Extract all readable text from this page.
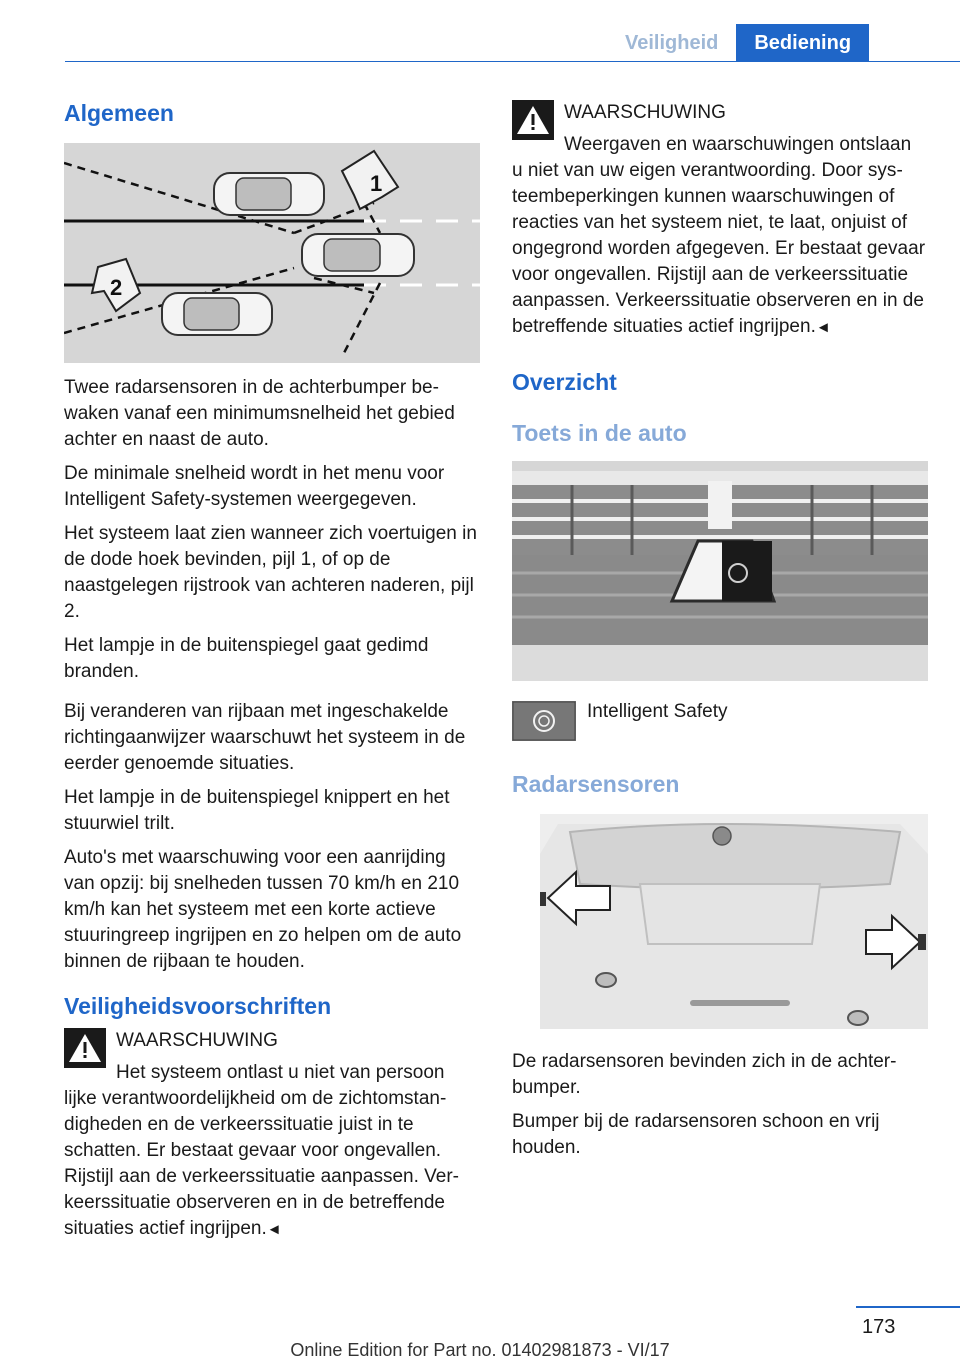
Veiligheid	Bediening
Algemeen
1
2

Twee radarsensoren in de achterbumper bewaken vanaf een minimumsnelheid het gebied achter en naast de auto.

De minimale snelheid wordt in het menu voor Intelligent Safety-systemen weergegeven.

Het systeem laat zien wanneer zich voertuigen in de dode hoek bevinden, pijl 1, of op de naastgelegen rijstrook van achteren naderen, pijl 2.

Het lampje in de buitenspiegel gaat gedimd branden.

Bij veranderen van rijbaan met ingeschakelde richtingaanwijzer waarschuwt het systeem in de eerder genoemde situaties.

Het lampje in de buitenspiegel knippert en het stuurwiel trilt.

Auto's met waarschuwing voor een aanrijding van opzij: bij snelheden tussen 70 km/h en 210 km/h kan het systeem met een korte actieve stuuringreep ingrijpen en zo helpen om de auto binnen de rijbaan te houden.

Veiligheidsvoorschriften
WAARSCHUWING
Het systeem ontlast u niet van persoon

lijke verantwoordelijkheid om de zichtomstandigheden en de verkeerssituatie juist in te schatten. Er bestaat gevaar voor ongevallen. Rijstijl aan de verkeerssituatie aanpassen. Verkeerssituatie observeren en in de betreffende situaties actief ingrijpen.◄

WAARSCHUWING
Weergaven en waarschuwingen ontslaan

u niet van uw eigen verantwoording. Door systeembeperkingen kunnen waarschuwingen of reacties van het systeem niet, te laat, onjuist of ongegrond worden afgegeven. Er bestaat gevaar voor ongevallen. Rijstijl aan de verkeerssituatie aanpassen. Verkeerssituatie observeren en in de betreffende situaties actief ingrijpen.◄

Overzicht
Toets in de auto

Intelligent Safety

Radarsensoren

De radarsensoren bevinden zich in de achterbumper.

Bumper bij de radarsensoren schoon en vrij houden.

173
Online Edition for Part no. 01402981873 - VI/17
